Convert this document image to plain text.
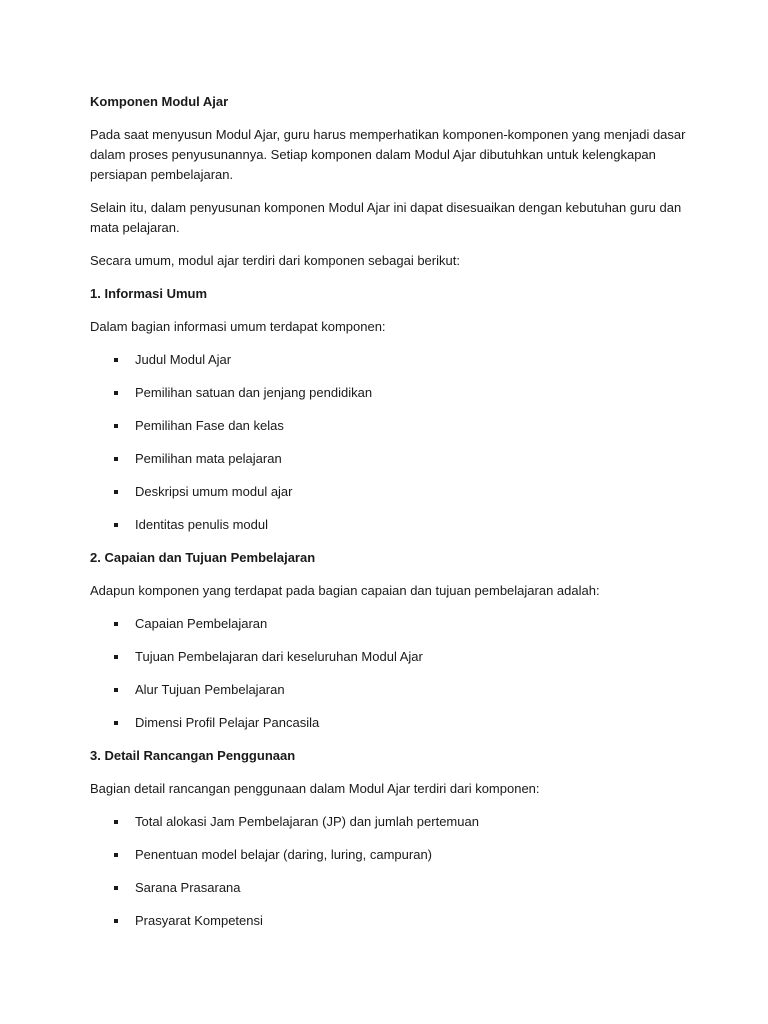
Komponen Modul Ajar

Pada saat menyusun Modul Ajar, guru harus memperhatikan komponen-komponen yang menjadi dasar dalam proses penyusunannya. Setiap komponen dalam Modul Ajar dibutuhkan untuk kelengkapan persiapan pembelajaran.

Selain itu, dalam penyusunan komponen Modul Ajar ini dapat disesuaikan dengan kebutuhan guru dan mata pelajaran.

Secara umum, modul ajar terdiri dari komponen sebagai berikut:

1. Informasi Umum

Dalam bagian informasi umum terdapat komponen:

Judul Modul Ajar
Pemilihan satuan dan jenjang pendidikan
Pemilihan Fase dan kelas
Pemilihan mata pelajaran
Deskripsi umum modul ajar
Identitas penulis modul
2. Capaian dan Tujuan Pembelajaran

Adapun komponen yang terdapat pada bagian capaian dan tujuan pembelajaran adalah:

Capaian Pembelajaran
Tujuan Pembelajaran dari keseluruhan Modul Ajar
Alur Tujuan Pembelajaran
Dimensi Profil Pelajar Pancasila
3. Detail Rancangan Penggunaan

Bagian detail rancangan penggunaan dalam Modul Ajar terdiri dari komponen:

Total alokasi Jam Pembelajaran (JP) dan jumlah pertemuan
Penentuan model belajar (daring, luring, campuran)
Sarana Prasarana
Prasyarat Kompetensi
